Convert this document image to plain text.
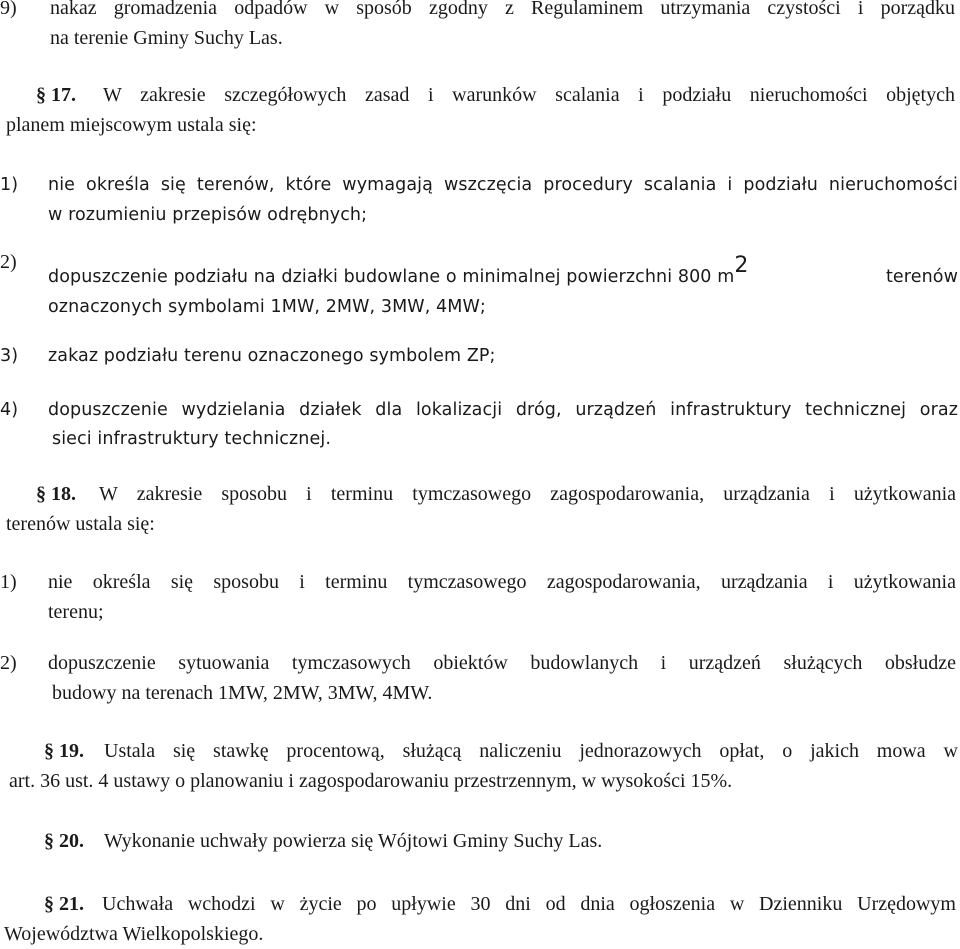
9) nakaz gromadzenia odpadów w sposób zgodny z Regulaminem utrzymania czystości i porządku
na terenie Gminy Suchy Las.
§ 17. W zakresie szczegółowych zasad i warunków scalania i podziału nieruchomości objętych
planem miejscowym ustala się:
1) nie określa się terenów, które wymagają wszczęcia procedury scalania i podziału nieruchomości
w rozumieniu przepisów odrębnych;
2)
dopuszczenie podziału na działki budowlane o minimalnej powierzchni 800 $m^2$	terenów
oznaczonych symbolami 1MW, 2MW, 3MW, 4MW;
3) zakaz podziału terenu oznaczonego symbolem ZP;
4) dopuszczenie wydzielania działek dla lokalizacji dróg, urządzeń infrastruktury technicznej oraz
sieci infrastruktury technicznej.
§ 18. W zakresie sposobu i terminu tymczasowego zagospodarowania, urządzania i użytkowania
terenów ustala się:
1) nie określa się sposobu i terminu tymczasowego zagospodarowania, urządzania i użytkowania
terenu;
2) dopuszczenie sytuowania tymczasowych obiektów budowlanych i urządzeń służących obsłudze
budowy na terenach 1MW, 2MW, 3MW, 4MW.
§ 19. Ustala się stawkę procentową, służącą naliczeniu jednorazowych opłat, o jakich mowa w
art. 36 ust. 4 ustawy o planowaniu i zagospodarowaniu przestrzennym, w wysokości 15%.
§ 20. Wykonanie uchwały powierza się Wójtowi Gminy Suchy Las.
§ 21. Uchwała wchodzi w życie po upływie 30 dni od dnia ogłoszenia w Dzienniku Urzędowym
Województwa Wielkopolskiego.
